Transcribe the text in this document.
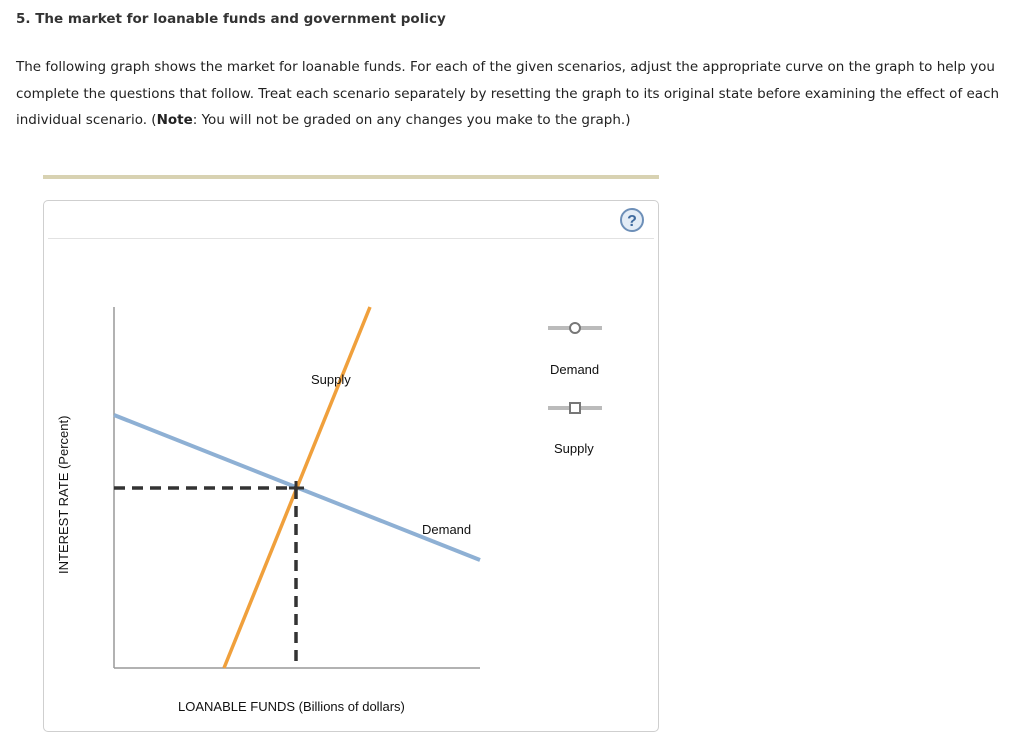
5. The market for loanable funds and government policy
The following graph shows the market for loanable funds. For each of the given scenarios, adjust the appropriate curve on the graph to help you complete the questions that follow. Treat each scenario separately by resetting the graph to its original state before examining the effect of each individual scenario. (Note: You will not be graded on any changes you make to the graph.)
?
Supply
Demand
LOANABLE FUNDS (Billions of dollars)
INTEREST RATE (Percent)
Demand
Supply
